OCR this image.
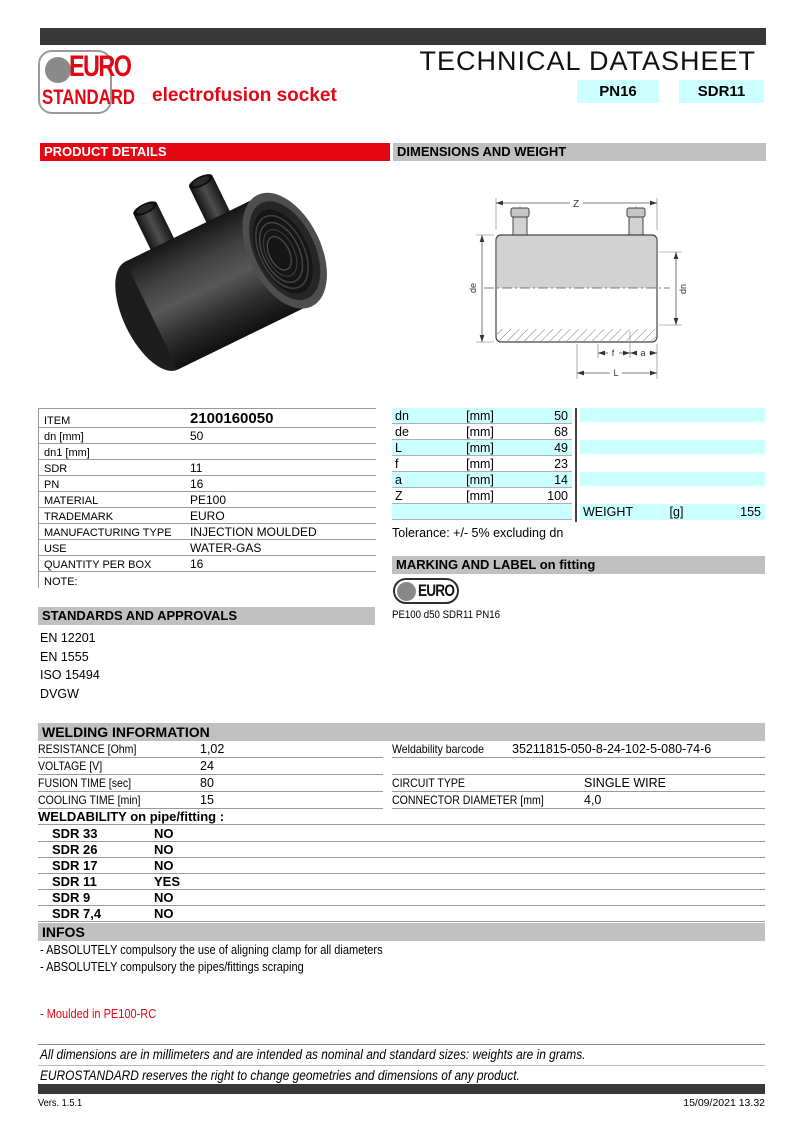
EURO
STANDARD
TECHNICAL DATASHEET
electrofusion socket	PN16	SDR11
PRODUCT DETAILS	DIMENSIONS AND WEIGHT
Z
de	dn
f	a
L
ITEM	2100160050
dn [mm]	50
dn1 [mm]
SDR	11
PN	16
MATERIAL	PE100
TRADEMARK	EURO
MANUFACTURING TYPE	INJECTION MOULDED
USE	WATER-GAS
QUANTITY PER BOX	16
NOTE:
dn	[mm]	50
de	[mm]	68
L	[mm]	49
f	[mm]	23
a	[mm]	14
Z	[mm]	100
WEIGHT	[g]	155
Tolerance: +/- 5% excluding dn
MARKING AND LABEL on fitting
EURO
PE100 d50 SDR11 PN16
STANDARDS AND APPROVALS
EN 12201
EN 1555
ISO 15494
DVGW
WELDING INFORMATION
RESISTANCE [Ohm]	1,02
VOLTAGE [V]	24
FUSION TIME [sec]	80
COOLING TIME [min]	15
Weldability barcode	35211815-050-8-24-102-5-080-74-6
CIRCUIT TYPE	SINGLE WIRE
CONNECTOR DIAMETER [mm]	4,0
WELDABILITY on pipe/fitting :
SDR 33	NO
SDR 26	NO
SDR 17	NO
SDR 11	YES
SDR 9	NO
SDR 7,4	NO
INFOS
- ABSOLUTELY compulsory the use of aligning clamp for all diameters
- ABSOLUTELY compulsory the pipes/fittings scraping
- Moulded in PE100-RC
All dimensions are in millimeters and are intended as nominal and standard sizes: weights are in grams.
EUROSTANDARD reserves the right to change geometries and dimensions of any product.
Vers. 1.5.1	15/09/2021 13.32
